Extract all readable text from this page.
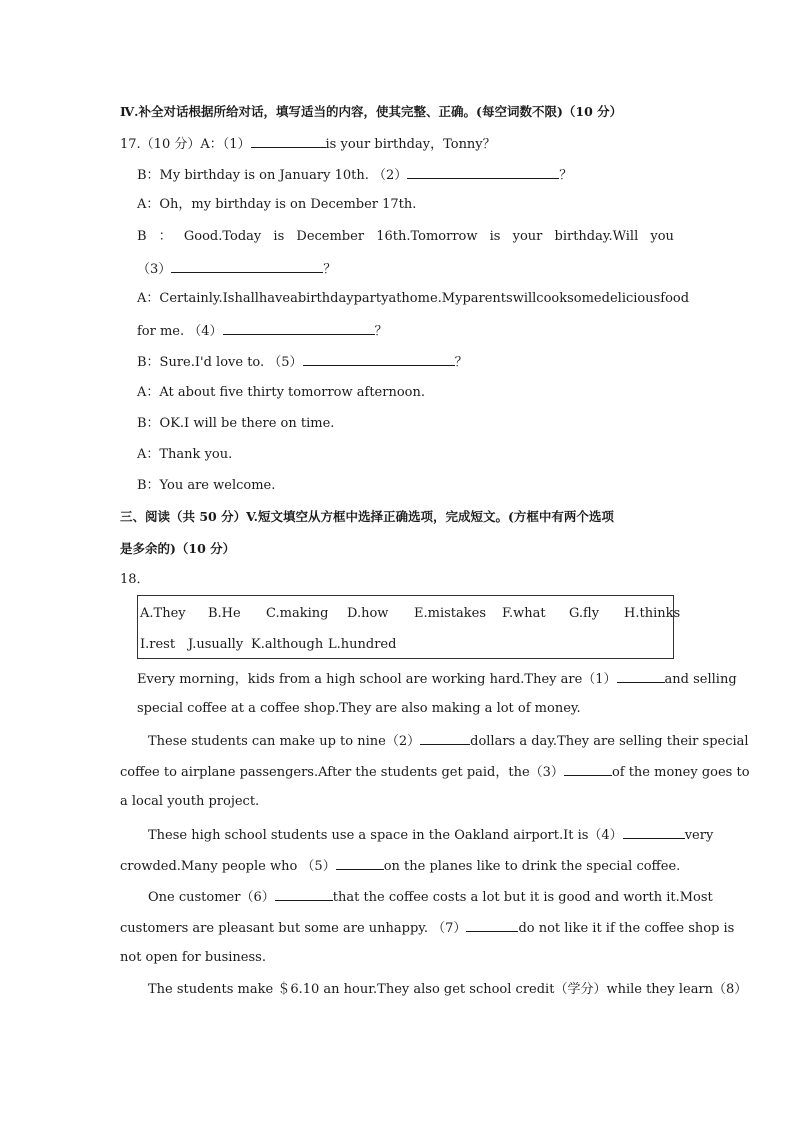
Ⅳ.补全对话根据所给对话，填写适当的内容，使其完整、正确。(每空词数不限)（10 分）
17.（10 分）A：（1）	is your birthday，Tonny？
B：My birthday is on January 10th. （2）	？
A：Oh，my birthday is on December 17th.
B ： Good.Today is December 16th.Tomorrow is your birthday.Will you
（3）	？
A： Certainly.I shall have a birthday party at home.My parents will cook some delicious food
for me. （4）	？
B：Sure.I'd love to. （5）	？
A：At about five thirty tomorrow afternoon.
B：OK.I will be there on time.
A：Thank you.
B：You are welcome.
三、阅读（共 50 分）V.短文填空从方框中选择正确选项，完成短文。(方框中有两个选项
是多余的)（10 分）
18．
A.They B.He C.making D.how E.mistakes F.what G.fly H.thinks
I.rest J.usually K.although L.hundred
Every morning，kids from a high school are working hard.They are（1）	and selling
special coffee at a coffee shop.They are also making a lot of money.
These students can make up to nine（2）	dollars a day.They are selling their special
coffee to airplane passengers.After the students get paid，the（3）	of the money goes to
a local youth project.
These high school students use a space in the Oakland airport.It is（4）	very
crowded.Many people who （5）	on the planes like to drink the special coffee.
One customer（6）	that the coffee costs a lot but it is good and worth it.Most
customers are pleasant but some are unhappy. （7）	do not like it if the coffee shop is
not open for business.
The students make ＄6.10 an hour.They also get school credit（学分）while they learn（8）
